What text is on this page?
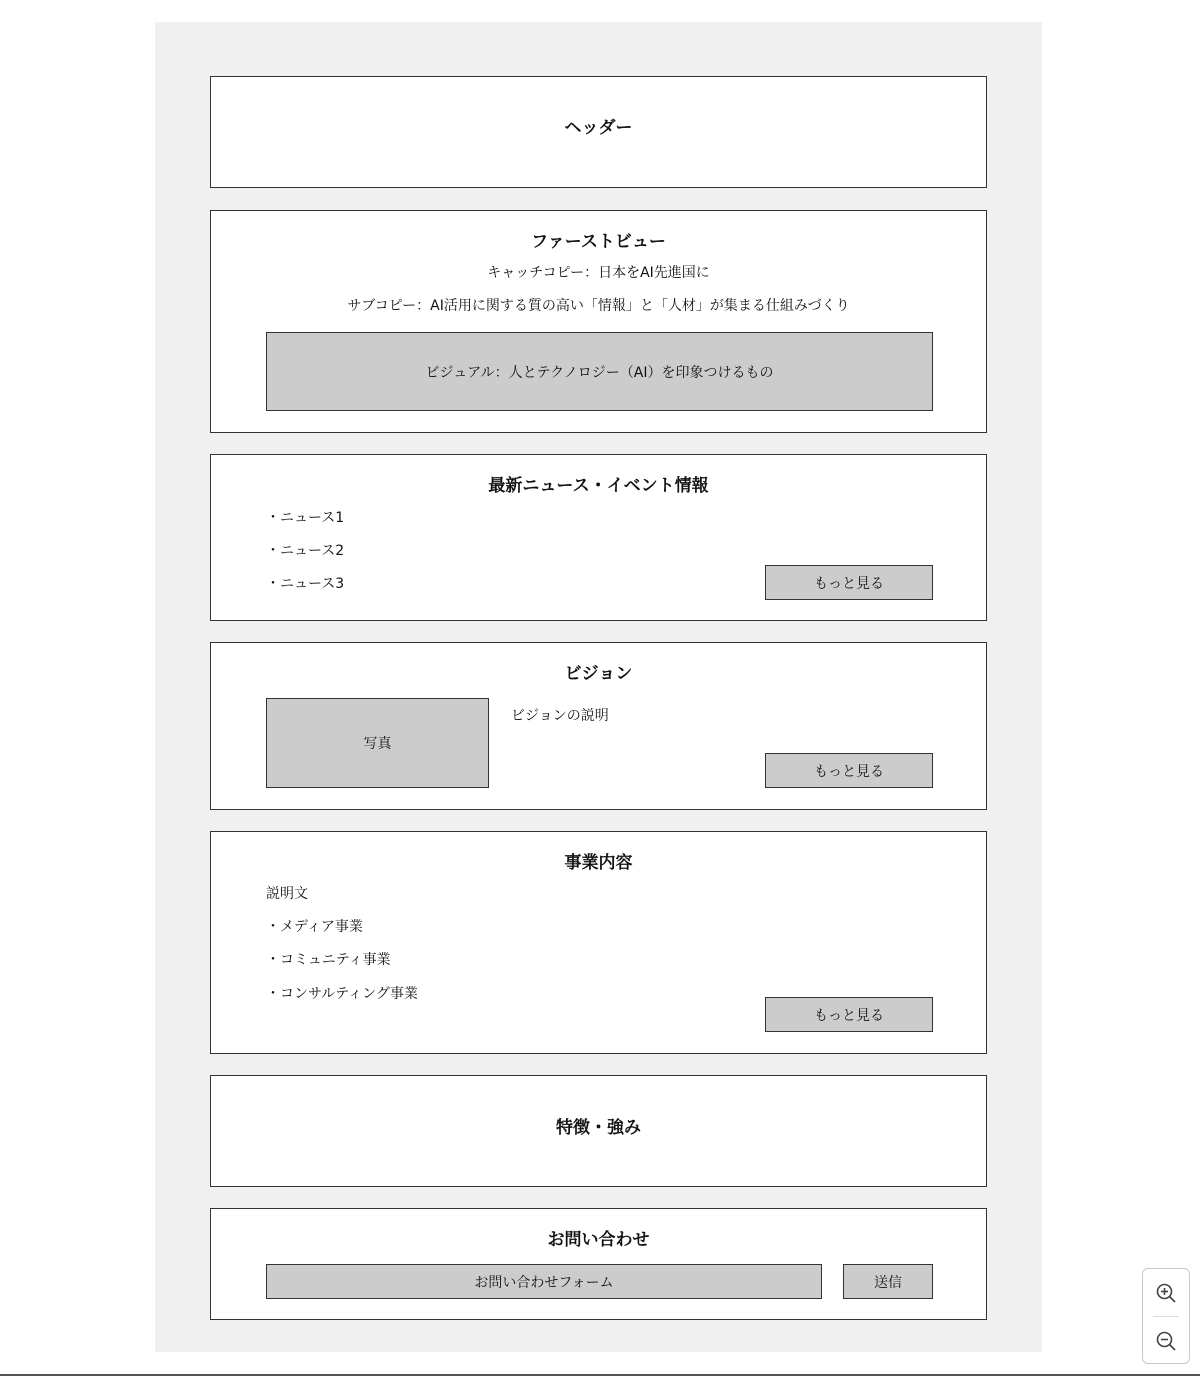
ヘッダー
ファーストビュー
キャッチコピー：日本をAI先進国に
サブコピー：AI活用に関する質の高い「情報」と「人材」が集まる仕組みづくり
ビジュアル：人とテクノロジー（AI）を印象つけるもの
最新ニュース・イベント情報
・ニュース1
・ニュース2
・ニュース3	もっと見る
ビジョン
写真
ビジョンの説明
もっと見る
事業内容
説明文
・メディア事業
・コミュニティ事業
・コンサルティング事業
もっと見る
特徴・強み
お問い合わせ
お問い合わせフォーム	送信
